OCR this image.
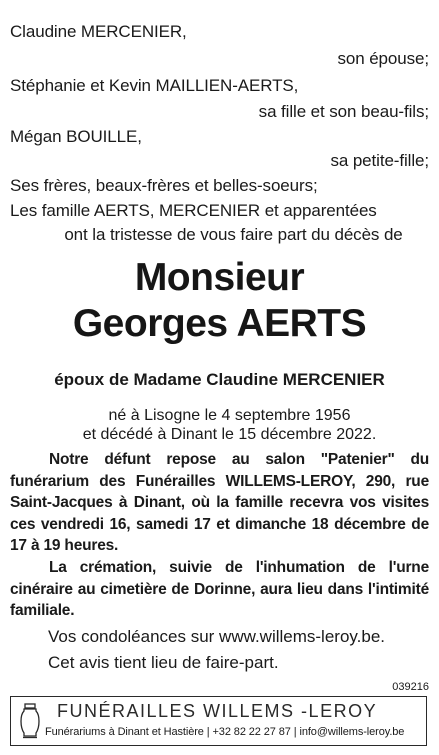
Claudine MERCENIER,
son épouse;
Stéphanie et Kevin MAILLIEN-AERTS,
sa fille et son beau-fils;
Mégan BOUILLE,
sa petite-fille;
Ses frères, beaux-frères et belles-soeurs;
Les famille AERTS, MERCENIER et apparentées
ont la tristesse de vous faire part du décès de
Monsieur
Georges AERTS
époux de Madame Claudine MERCENIER
né à Lisogne le 4 septembre 1956
et décédé à Dinant le 15 décembre 2022.
Notre défunt repose au salon "Patenier" du funérarium des Funérailles WILLEMS-LEROY, 290, rue Saint-Jacques à Dinant, où la famille recevra vos visites ces vendredi 16, samedi 17 et dimanche 18 décembre de 17 à 19 heures.
La crémation, suivie de l'inhumation de l'urne cinéraire au cimetière de Dorinne, aura lieu dans l'intimité familiale.
Vos condoléances sur www.willems-leroy.be.
Cet avis tient lieu de faire-part.
039216
FUNÉRAILLES WILLEMS -LEROY
Funérariums à Dinant et Hastière | +32 82 22 27 87 | info@willems-leroy.be
